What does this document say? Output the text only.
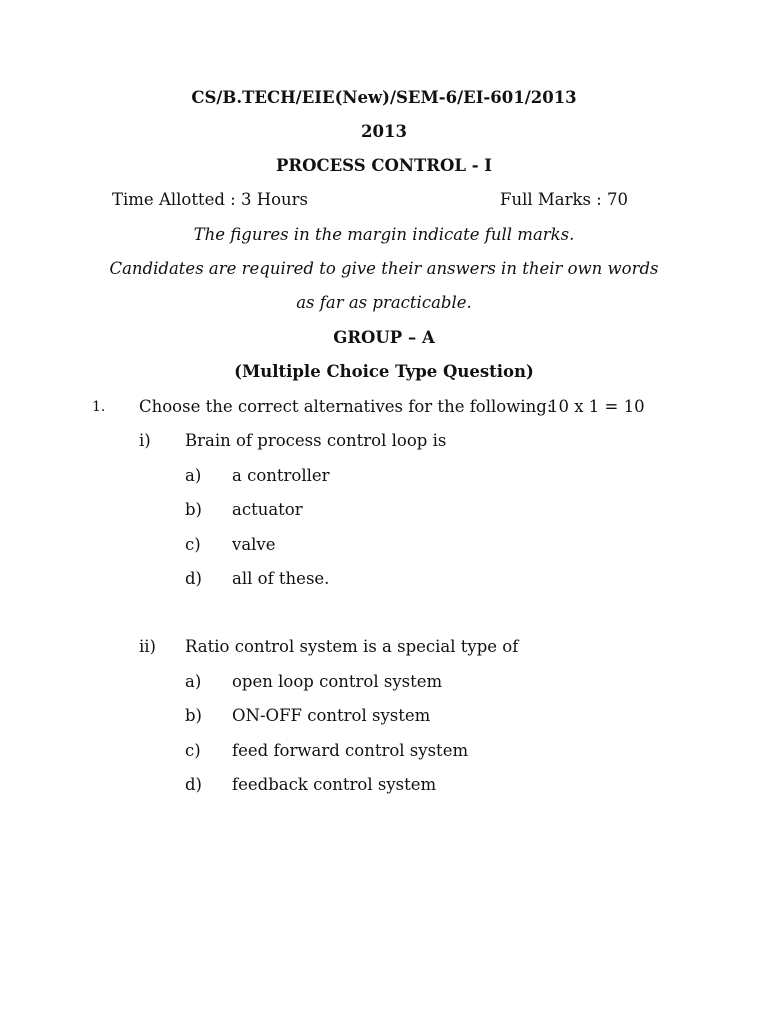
CS/B.TECH/EIE(New)/SEM-6/EI-601/2013
2013
PROCESS CONTROL - I
Time Allotted : 3 Hours	Full Marks : 70
The figures in the margin indicate full marks.
Candidates are required to give their answers in their own words
as far as practicable.
GROUP – A
(Multiple Choice Type Question)
1. Choose the correct alternatives for the following:
10 x 1 = 10
i) Brain of process control loop is
a) a controller
b) actuator
c) valve
d) all of these.
ii) Ratio control system is a special type of
a) open loop control system
b) ON-OFF control system
c) feed forward control system
d) feedback control system
